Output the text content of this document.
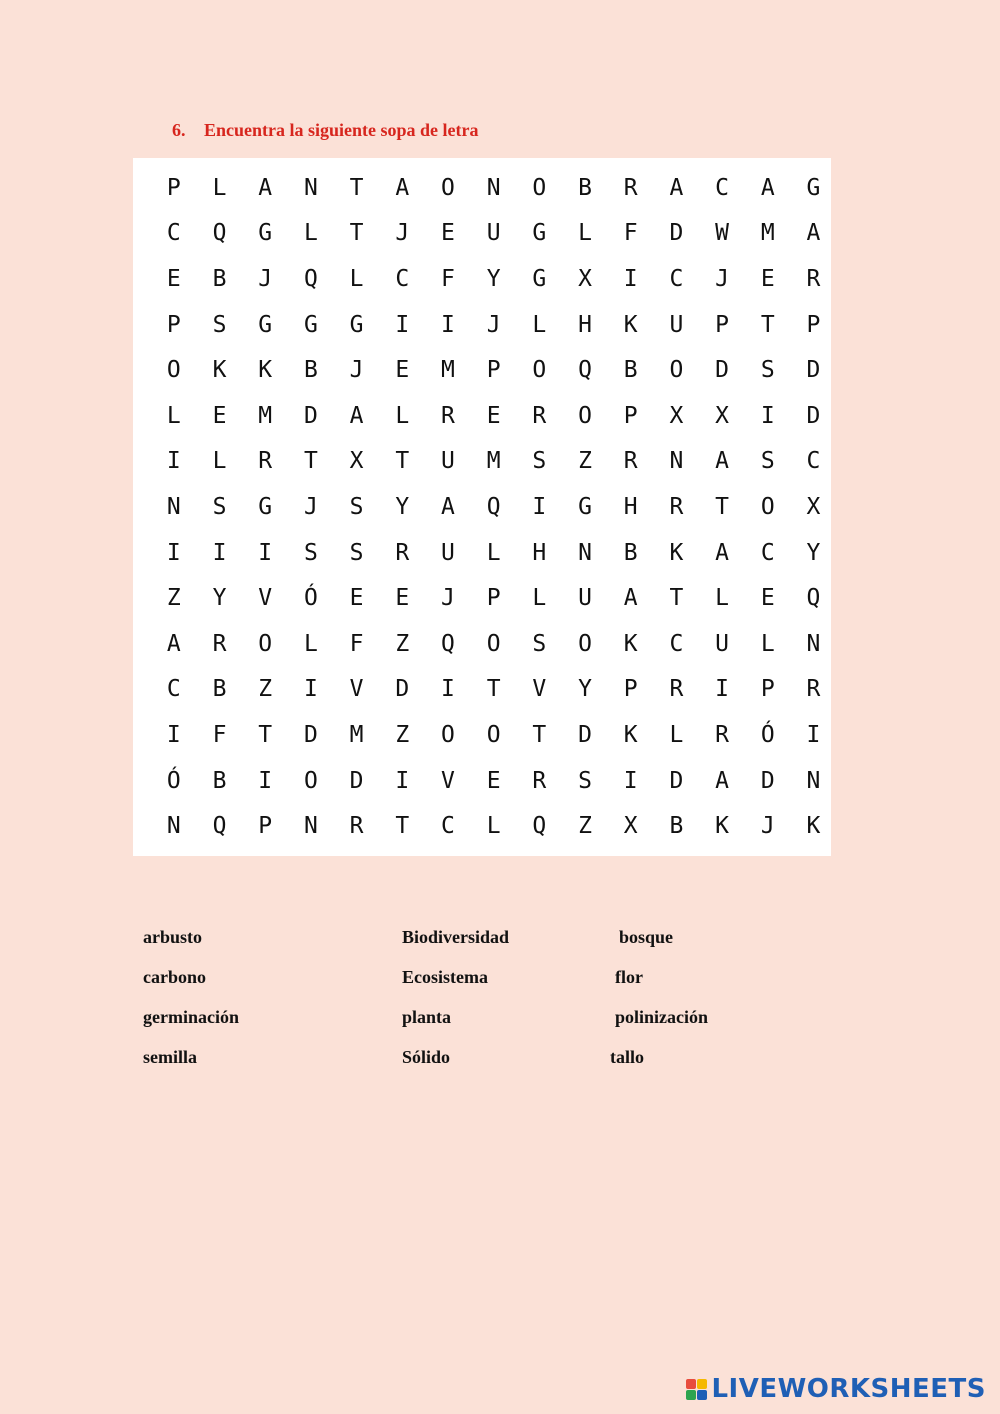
6. Encuentra la siguiente sopa de letra
P	L	A	N	T	A	O	N	O	B	R	A	C	A	G
C	Q	G	L	T	J	E	U	G	L	F	D	W	M	A
E	B	J	Q	L	C	F	Y	G	X	I	C	J	E	R
P	S	G	G	G	I	I	J	L	H	K	U	P	T	P
O	K	K	B	J	E	M	P	O	Q	B	O	D	S	D
L	E	M	D	A	L	R	E	R	O	P	X	X	I	D
I	L	R	T	X	T	U	M	S	Z	R	N	A	S	C
N	S	G	J	S	Y	A	Q	I	G	H	R	T	O	X
I	I	I	S	S	R	U	L	H	N	B	K	A	C	Y
Z	Y	V	Ó	E	E	J	P	L	U	A	T	L	E	Q
A	R	O	L	F	Z	Q	O	S	O	K	C	U	L	N
C	B	Z	I	V	D	I	T	V	Y	P	R	I	P	R
I	F	T	D	M	Z	O	O	T	D	K	L	R	Ó	I
Ó	B	I	O	D	I	V	E	R	S	I	D	A	D	N
N	Q	P	N	R	T	C	L	Q	Z	X	B	K	J	K
arbusto	Biodiversidad	bosque
carbono	Ecosistema	flor
germinación	planta	polinización
semilla	Sólido	tallo
LIVEWORKSHEETS
